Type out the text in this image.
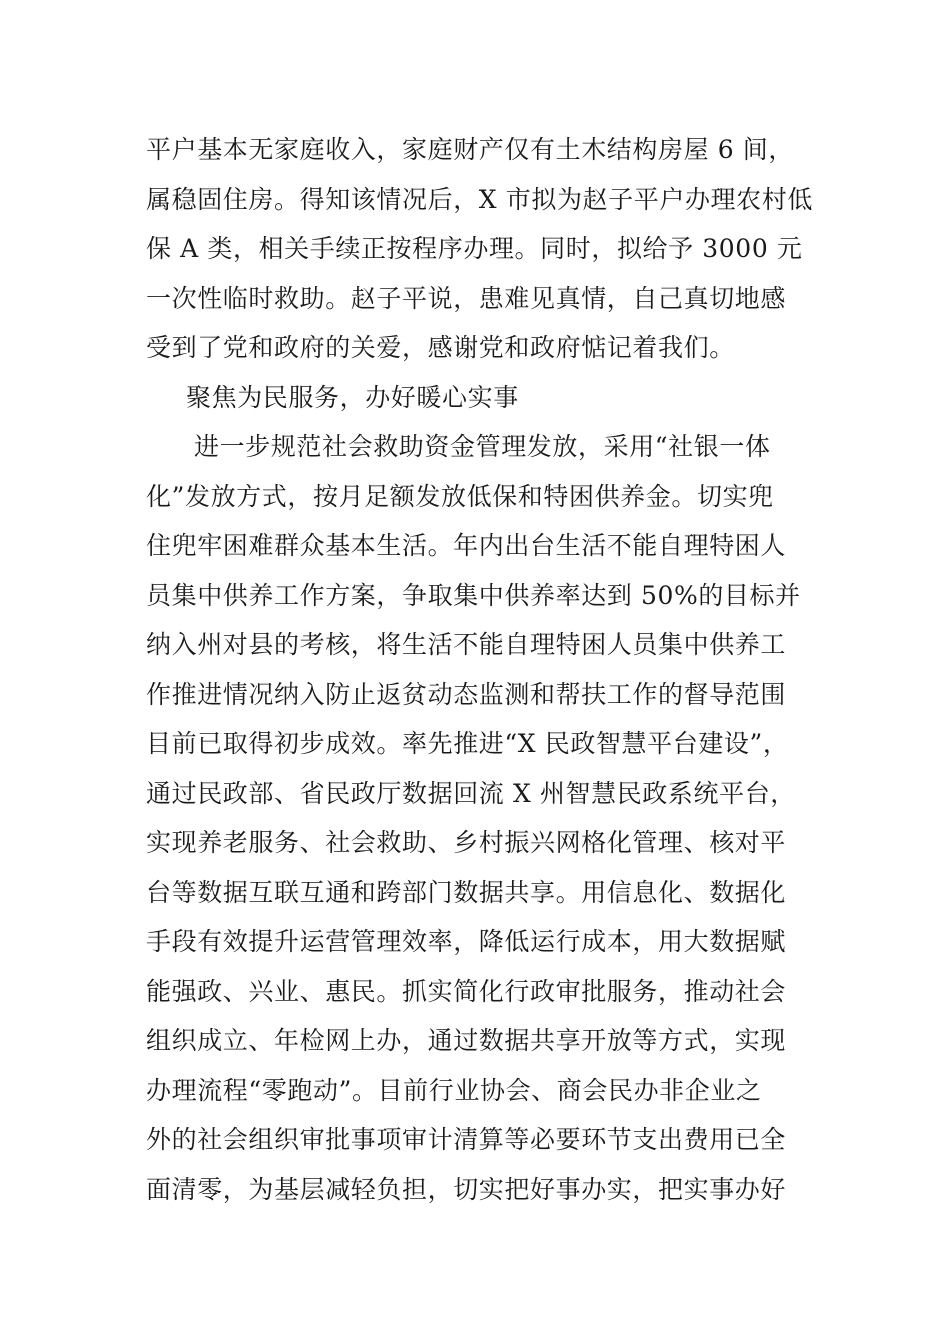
平户基本无家庭收入，家庭财产仅有土木结构房屋 6 间，
属稳固住房。得知该情况后，X 市拟为赵子平户办理农村低
保 A 类，相关手续正按程序办理。同时，拟给予 3000 元
一次性临时救助。赵子平说，患难见真情，自己真切地感
受到了党和政府的关爱，感谢党和政府惦记着我们。
聚焦为民服务，办好暖心实事
进一步规范社会救助资金管理发放，采用“社银一体
化”发放方式，按月足额发放低保和特困供养金。切实兜
住兜牢困难群众基本生活。年内出台生活不能自理特困人
员集中供养工作方案，争取集中供养率达到 50%的目标并
纳入州对县的考核，将生活不能自理特困人员集中供养工
作推进情况纳入防止返贫动态监测和帮扶工作的督导范围
目前已取得初步成效。率先推进“X 民政智慧平台建设”，
通过民政部、省民政厅数据回流 X 州智慧民政系统平台，
实现养老服务、社会救助、乡村振兴网格化管理、核对平
台等数据互联互通和跨部门数据共享。用信息化、数据化
手段有效提升运营管理效率，降低运行成本，用大数据赋
能强政、兴业、惠民。抓实简化行政审批服务，推动社会
组织成立、年检网上办，通过数据共享开放等方式，实现
办理流程“零跑动”。目前行业协会、商会民办非企业之
外的社会组织审批事项审计清算等必要环节支出费用已全
面清零，为基层减轻负担，切实把好事办实，把实事办好
